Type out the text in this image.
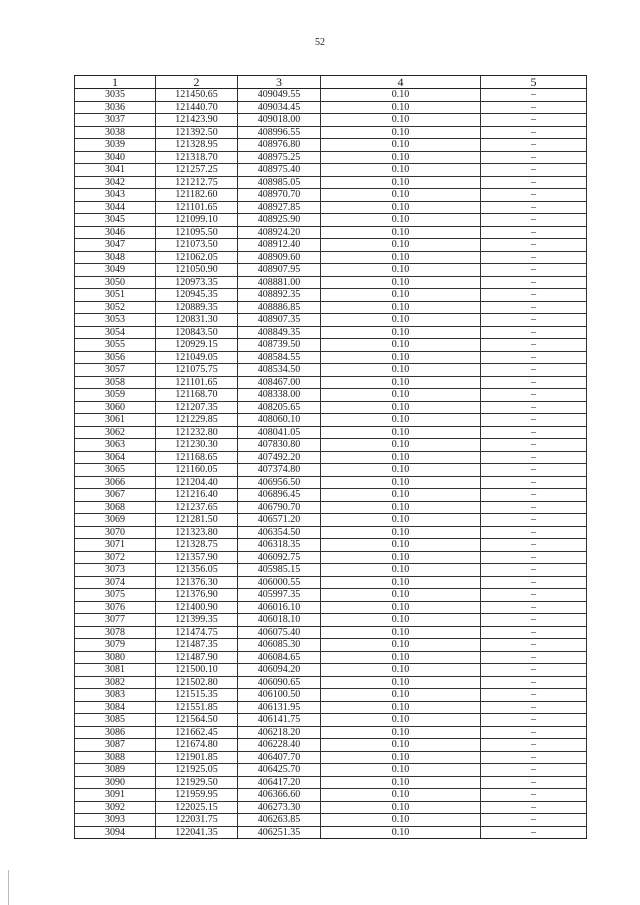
52
1	2	3	4	5
3035	121450.65	409049.55	0.10	–
3036	121440.70	409034.45	0.10	–
3037	121423.90	409018.00	0.10	–
3038	121392.50	408996.55	0.10	–
3039	121328.95	408976.80	0.10	–
3040	121318.70	408975.25	0.10	–
3041	121257.25	408975.40	0.10	–
3042	121212.75	408985.05	0.10	–
3043	121182.60	408970.70	0.10	–
3044	121101.65	408927.85	0.10	–
3045	121099.10	408925.90	0.10	–
3046	121095.50	408924.20	0.10	–
3047	121073.50	408912.40	0.10	–
3048	121062.05	408909.60	0.10	–
3049	121050.90	408907.95	0.10	–
3050	120973.35	408881.00	0.10	–
3051	120945.35	408892.35	0.10	–
3052	120889.35	408886.85	0.10	–
3053	120831.30	408907.35	0.10	–
3054	120843.50	408849.35	0.10	–
3055	120929.15	408739.50	0.10	–
3056	121049.05	408584.55	0.10	–
3057	121075.75	408534.50	0.10	–
3058	121101.65	408467.00	0.10	–
3059	121168.70	408338.00	0.10	–
3060	121207.35	408205.65	0.10	–
3061	121229.85	408060.10	0.10	–
3062	121232.80	408041.05	0.10	–
3063	121230.30	407830.80	0.10	–
3064	121168.65	407492.20	0.10	–
3065	121160.05	407374.80	0.10	–
3066	121204.40	406956.50	0.10	–
3067	121216.40	406896.45	0.10	–
3068	121237.65	406790.70	0.10	–
3069	121281.50	406571.20	0.10	–
3070	121323.80	406354.50	0.10	–
3071	121328.75	406318.35	0.10	–
3072	121357.90	406092.75	0.10	–
3073	121356.05	405985.15	0.10	–
3074	121376.30	406000.55	0.10	–
3075	121376.90	405997.35	0.10	–
3076	121400.90	406016.10	0.10	–
3077	121399.35	406018.10	0.10	–
3078	121474.75	406075.40	0.10	–
3079	121487.35	406085.30	0.10	–
3080	121487.90	406084.65	0.10	–
3081	121500.10	406094.20	0.10	–
3082	121502.80	406090.65	0.10	–
3083	121515.35	406100.50	0.10	–
3084	121551.85	406131.95	0.10	–
3085	121564.50	406141.75	0.10	–
3086	121662.45	406218.20	0.10	–
3087	121674.80	406228.40	0.10	–
3088	121901.85	406407.70	0.10	–
3089	121925.05	406425.70	0.10	–
3090	121929.50	406417.20	0.10	–
3091	121959.95	406366.60	0.10	–
3092	122025.15	406273.30	0.10	–
3093	122031.75	406263.85	0.10	–
3094	122041.35	406251.35	0.10	–
